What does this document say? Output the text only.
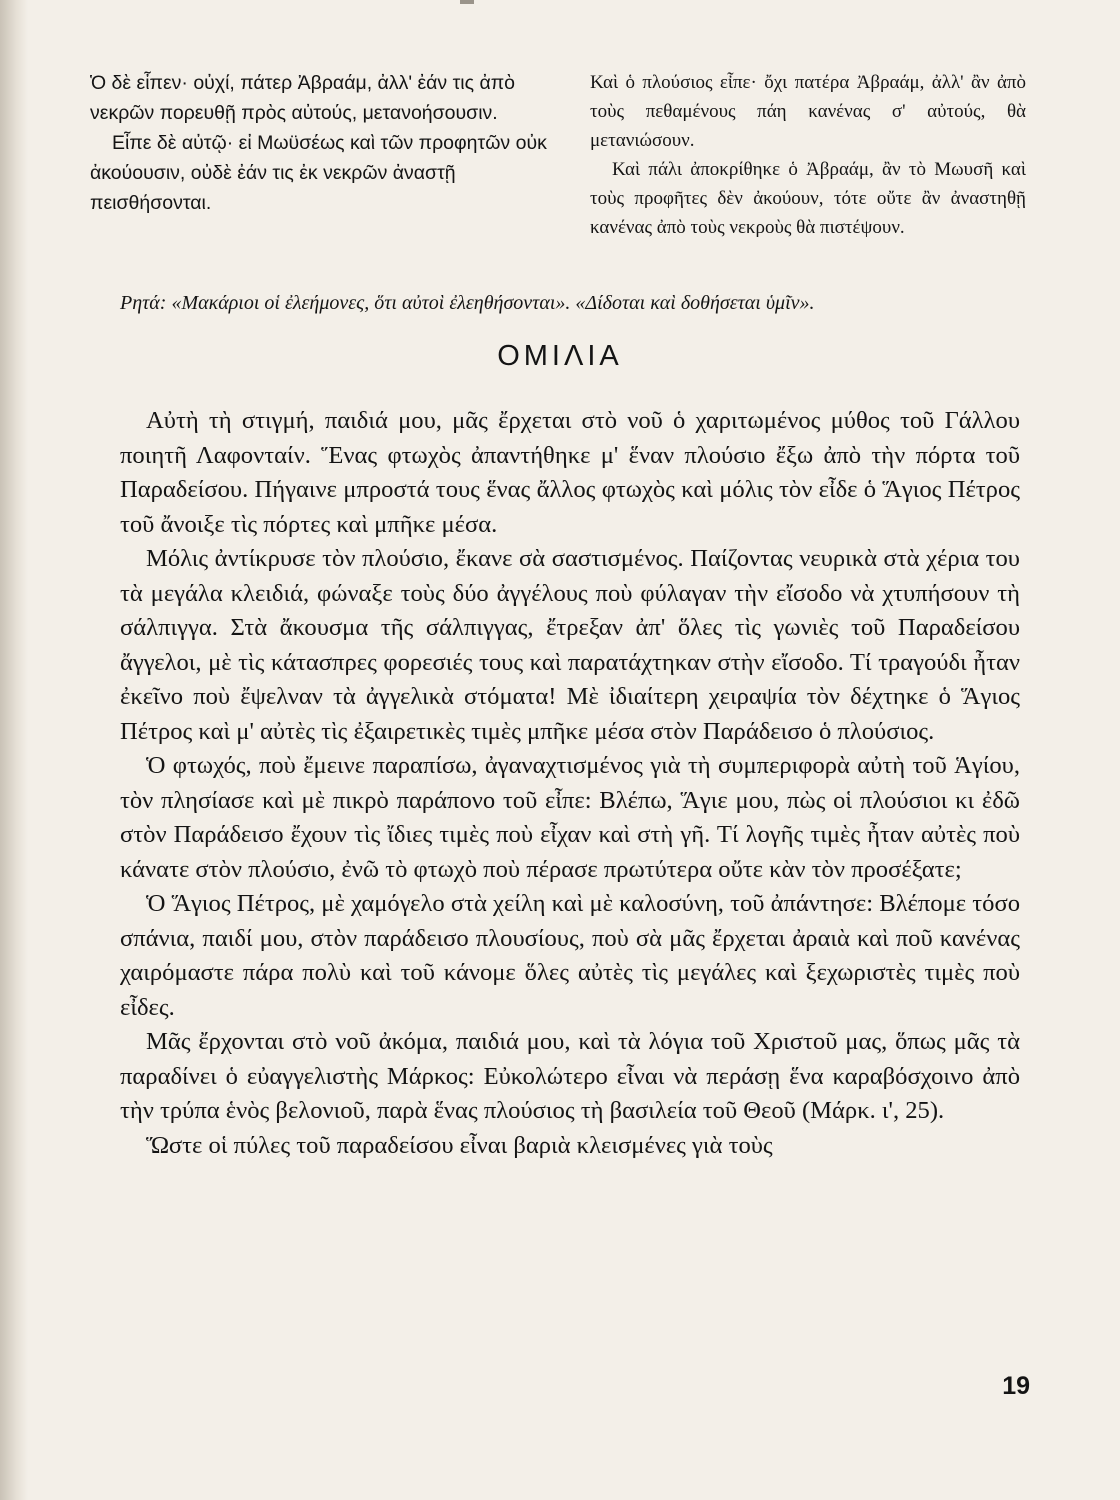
Ὁ δὲ εἶπεν· οὐχί, πάτερ Ἀβραάμ, ἀλλ' ἐάν τις ἀπὸ νεκρῶν πορευθῇ πρὸς αὐτούς, μετανοήσουσιν.

Εἶπε δὲ αὐτῷ· εἰ Μωϋσέως καὶ τῶν προφητῶν οὐκ ἀκούουσιν, οὐδὲ ἐάν τις ἐκ νεκρῶν ἀναστῇ πεισθήσονται.

Καὶ ὁ πλούσιος εἶπε· ὄχι πατέρα Ἀβραάμ, ἀλλ' ἂν ἀπὸ τοὺς πεθαμένους πάη κανένας σ' αὐτούς, θὰ μετανιώσουν.

Καὶ πάλι ἀποκρίθηκε ὁ Ἀβραάμ, ἂν τὸ Μωυσῆ καὶ τοὺς προφῆτες δὲν ἀκούουν, τότε οὔτε ἂν ἀναστηθῇ κανένας ἀπὸ τοὺς νεκροὺς θὰ πιστέψουν.

Ρητά: «Μακάριοι οἱ ἐλεήμονες, ὅτι αὐτοὶ ἐλεηθήσονται». «Δίδοται καὶ δοθήσεται ὑμῖν».
ΟΜΙΛΙΑ

Αὐτὴ τὴ στιγμή, παιδιά μου, μᾶς ἔρχεται στὸ νοῦ ὁ χαριτωμένος μύθος τοῦ Γάλλου ποιητῆ Λαφονταίν. Ἕνας φτωχὸς ἀπαντήθηκε μ' ἕναν πλούσιο ἔξω ἀπὸ τὴν πόρτα τοῦ Παραδείσου. Πήγαινε μπροστά τους ἕνας ἄλλος φτωχὸς καὶ μόλις τὸν εἶδε ὁ Ἅγιος Πέτρος τοῦ ἄνοιξε τὶς πόρτες καὶ μπῆκε μέσα.

Μόλις ἀντίκρυσε τὸν πλούσιο, ἔκανε σὰ σαστισμένος. Παίζοντας νευρικὰ στὰ χέρια του τὰ μεγάλα κλειδιά, φώναξε τοὺς δύο ἀγγέλους ποὺ φύλαγαν τὴν εἴσοδο νὰ χτυπήσουν τὴ σάλπιγγα. Στὰ ἄκουσμα τῆς σάλπιγγας, ἔτρεξαν ἀπ' ὅλες τὶς γωνιὲς τοῦ Παραδείσου ἄγγελοι, μὲ τὶς κάτασπρες φορεσιές τους καὶ παρατάχτηκαν στὴν εἴσοδο. Τί τραγούδι ἦταν ἐκεῖνο ποὺ ἔψελναν τὰ ἀγγελικὰ στόματα! Μὲ ἰδιαίτερη χειραψία τὸν δέχτηκε ὁ Ἅγιος Πέτρος καὶ μ' αὐτὲς τὶς ἐξαιρετικὲς τιμὲς μπῆκε μέσα στὸν Παράδεισο ὁ πλούσιος.

Ὁ φτωχός, ποὺ ἔμεινε παραπίσω, ἀγαναχτισμένος γιὰ τὴ συμπεριφορὰ αὐτὴ τοῦ Ἁγίου, τὸν πλησίασε καὶ μὲ πικρὸ παράπονο τοῦ εἶπε: Βλέπω, Ἅγιε μου, πὼς οἱ πλούσιοι κι ἐδῶ στὸν Παράδεισο ἔχουν τὶς ἴδιες τιμὲς ποὺ εἶχαν καὶ στὴ γῆ. Τί λογῆς τιμὲς ἦταν αὐτὲς ποὺ κάνατε στὸν πλούσιο, ἐνῶ τὸ φτωχὸ ποὺ πέρασε πρωτύτερα οὔτε κὰν τὸν προσέξατε;

Ὁ Ἅγιος Πέτρος, μὲ χαμόγελο στὰ χείλη καὶ μὲ καλοσύνη, τοῦ ἀπάντησε: Βλέπομε τόσο σπάνια, παιδί μου, στὸν παράδεισο πλουσίους, ποὺ σὰ μᾶς ἔρχεται ἀραιὰ καὶ ποῦ κανένας χαιρόμαστε πάρα πολὺ καὶ τοῦ κάνομε ὅλες αὐτὲς τὶς μεγάλες καὶ ξεχωριστὲς τιμὲς ποὺ εἶδες.

Μᾶς ἔρχονται στὸ νοῦ ἀκόμα, παιδιά μου, καὶ τὰ λόγια τοῦ Χριστοῦ μας, ὅπως μᾶς τὰ παραδίνει ὁ εὐαγγελιστὴς Μάρκος: Εὐκολώτερο εἶναι νὰ περάσῃ ἕνα καραβόσχοινο ἀπὸ τὴν τρύπα ἑνὸς βελονιοῦ, παρὰ ἕνας πλούσιος τὴ βασιλεία τοῦ Θεοῦ (Μάρκ. ι', 25).

Ὥστε οἱ πύλες τοῦ παραδείσου εἶναι βαριὰ κλεισμένες γιὰ τοὺς

19
